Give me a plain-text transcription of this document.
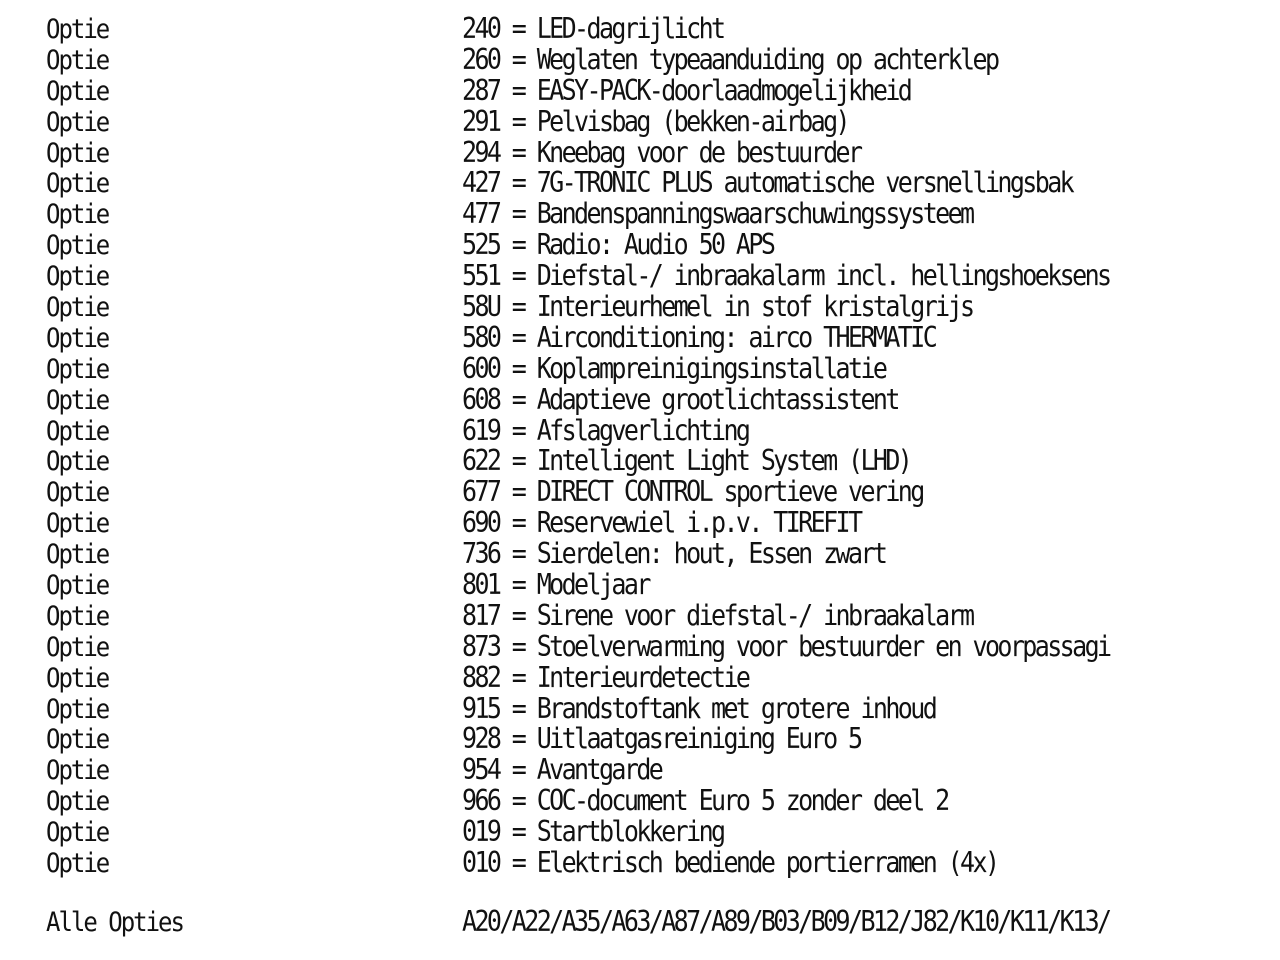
Optie	240 = LED-dagrijlicht
Optie	260 = Weglaten typeaanduiding op achterklep
Optie	287 = EASY-PACK-doorlaadmogelijkheid
Optie	291 = Pelvisbag (bekken-airbag)
Optie	294 = Kneebag voor de bestuurder
Optie	427 = 7G-TRONIC PLUS automatische versnellingsbak
Optie	477 = Bandenspanningswaarschuwingssysteem
Optie	525 = Radio: Audio 50 APS
Optie	551 = Diefstal-/ inbraakalarm incl. hellingshoeksens
Optie	58U = Interieurhemel in stof kristalgrijs
Optie	580 = Airconditioning: airco THERMATIC
Optie	600 = Koplampreinigingsinstallatie
Optie	608 = Adaptieve grootlichtassistent
Optie	619 = Afslagverlichting
Optie	622 = Intelligent Light System (LHD)
Optie	677 = DIRECT CONTROL sportieve vering
Optie	690 = Reservewiel i.p.v. TIREFIT
Optie	736 = Sierdelen: hout, Essen zwart
Optie	801 = Modeljaar
Optie	817 = Sirene voor diefstal-/ inbraakalarm
Optie	873 = Stoelverwarming voor bestuurder en voorpassagi
Optie	882 = Interieurdetectie
Optie	915 = Brandstoftank met grotere inhoud
Optie	928 = Uitlaatgasreiniging Euro 5
Optie	954 = Avantgarde
Optie	966 = COC-document Euro 5 zonder deel 2
Optie	019 = Startblokkering
Optie	010 = Elektrisch bediende portierramen (4x)
Alle Opties	A20/A22/A35/A63/A87/A89/B03/B09/B12/J82/K10/K11/K13/
